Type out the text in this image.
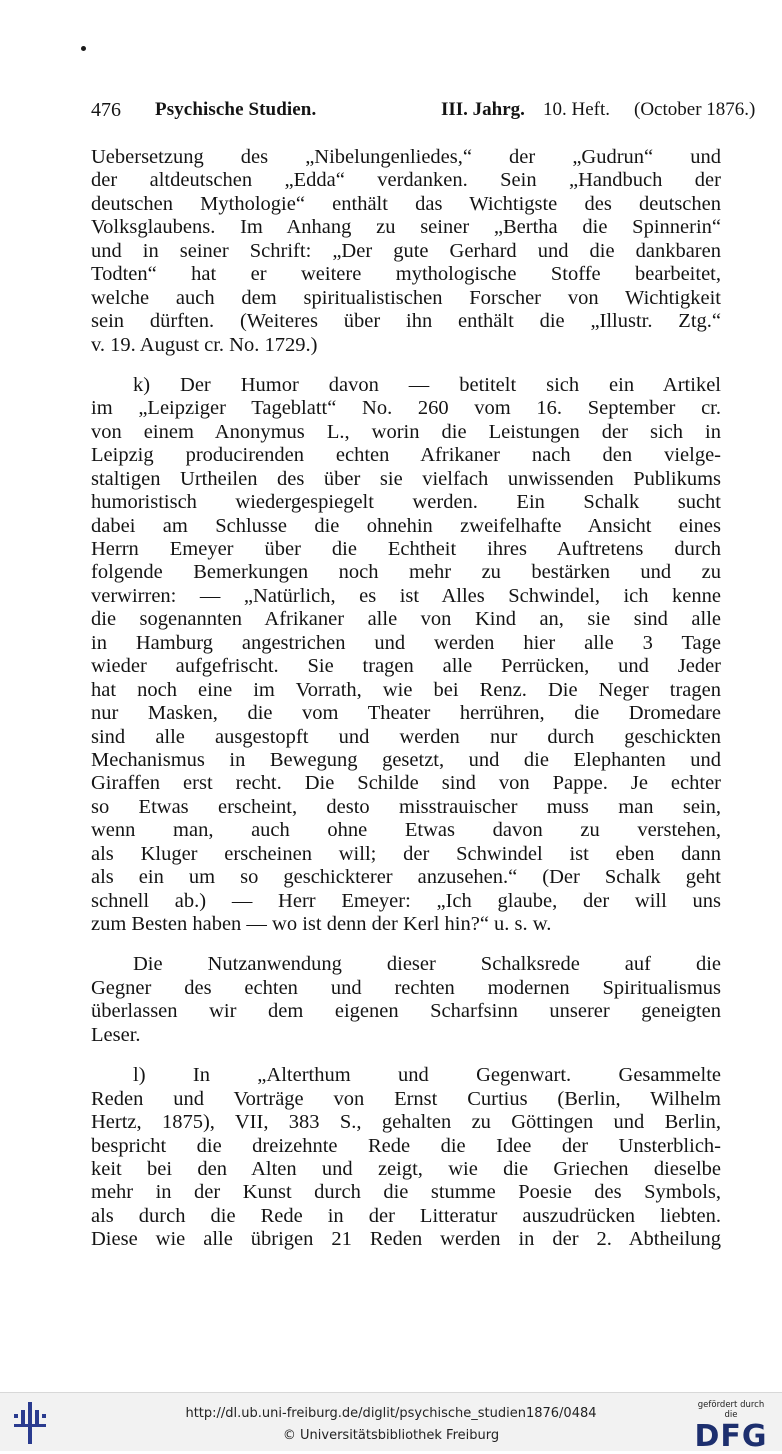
476 Psychische Studien.	III. Jahrg. 10. Heft. (October 1876.)
Uebersetzung des „Nibelungenliedes,“ der „Gudrun“ und
der altdeutschen „Edda“ verdanken. Sein „Handbuch der
deutschen Mythologie“ enthält das Wichtigste des deutschen
Volksglaubens. Im Anhang zu seiner „Bertha die Spinnerin“
und in seiner Schrift: „Der gute Gerhard und die dankbaren
Todten“ hat er weitere mythologische Stoffe bearbeitet,
welche auch dem spiritualistischen Forscher von Wichtigkeit
sein dürften. (Weiteres über ihn enthält die „Illustr. Ztg.“
v. 19. August cr. No. 1729.)
k) Der Humor davon — betitelt sich ein Artikel
im „Leipziger Tageblatt“ No. 260 vom 16. September cr.
von einem Anonymus L., worin die Leistungen der sich in
Leipzig producirenden echten Afrikaner nach den vielge-
staltigen Urtheilen des über sie vielfach unwissenden Publikums
humoristisch wiedergespiegelt werden. Ein Schalk sucht
dabei am Schlusse die ohnehin zweifelhafte Ansicht eines
Herrn Emeyer über die Echtheit ihres Auftretens durch
folgende Bemerkungen noch mehr zu bestärken und zu
verwirren: — „Natürlich, es ist Alles Schwindel, ich kenne
die sogenannten Afrikaner alle von Kind an, sie sind alle
in Hamburg angestrichen und werden hier alle 3 Tage
wieder aufgefrischt. Sie tragen alle Perrücken, und Jeder
hat noch eine im Vorrath, wie bei Renz. Die Neger tragen
nur Masken, die vom Theater herrühren, die Dromedare
sind alle ausgestopft und werden nur durch geschickten
Mechanismus in Bewegung gesetzt, und die Elephanten und
Giraffen erst recht. Die Schilde sind von Pappe. Je echter
so Etwas erscheint, desto misstrauischer muss man sein,
wenn man, auch ohne Etwas davon zu verstehen,
als Kluger erscheinen will; der Schwindel ist eben dann
als ein um so geschickterer anzusehen.“ (Der Schalk geht
schnell ab.) — Herr Emeyer: „Ich glaube, der will uns
zum Besten haben — wo ist denn der Kerl hin?“ u. s. w.
Die Nutzanwendung dieser Schalksrede auf die
Gegner des echten und rechten modernen Spiritualismus
überlassen wir dem eigenen Scharfsinn unserer geneigten
Leser.
l) In „Alterthum und Gegenwart. Gesammelte
Reden und Vorträge von Ernst Curtius (Berlin, Wilhelm
Hertz, 1875), VII, 383 S., gehalten zu Göttingen und Berlin,
bespricht die dreizehnte Rede die Idee der Unsterblich-
keit bei den Alten und zeigt, wie die Griechen dieselbe
mehr in der Kunst durch die stumme Poesie des Symbols,
als durch die Rede in der Litteratur auszudrücken liebten.
Diese wie alle übrigen 21 Reden werden in der 2. Abtheilung
http://dl.ub.uni-freiburg.de/diglit/psychische_studien1876/0484
© Universitätsbibliothek Freiburg
gefördert durch die
DFG
